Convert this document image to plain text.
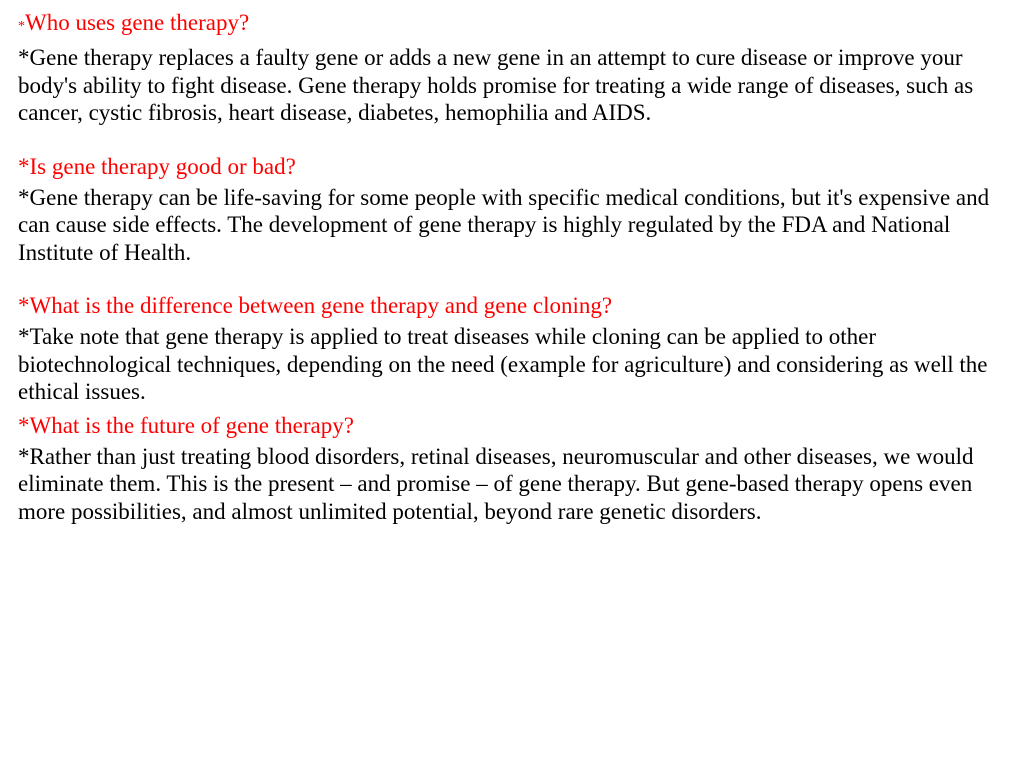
*Who uses gene therapy?

*Gene therapy replaces a faulty gene or adds a new gene in an attempt to cure disease or improve your body's ability to fight disease. Gene therapy holds promise for treating a wide range of diseases, such as cancer, cystic fibrosis, heart disease, diabetes, hemophilia and AIDS.

*Is gene therapy good or bad?

*Gene therapy can be life-saving for some people with specific medical conditions, but it's expensive and can cause side effects. The development of gene therapy is highly regulated by the FDA and National Institute of Health.

*What is the difference between gene therapy and gene cloning?

*Take note that gene therapy is applied to treat diseases while cloning can be applied to other biotechnological techniques, depending on the need (example for agriculture) and considering as well the ethical issues.

*What is the future of gene therapy?

*Rather than just treating blood disorders, retinal diseases, neuromuscular and other diseases, we would eliminate them. This is the present – and promise – of gene therapy. But gene-based therapy opens even more possibilities, and almost unlimited potential, beyond rare genetic disorders.
